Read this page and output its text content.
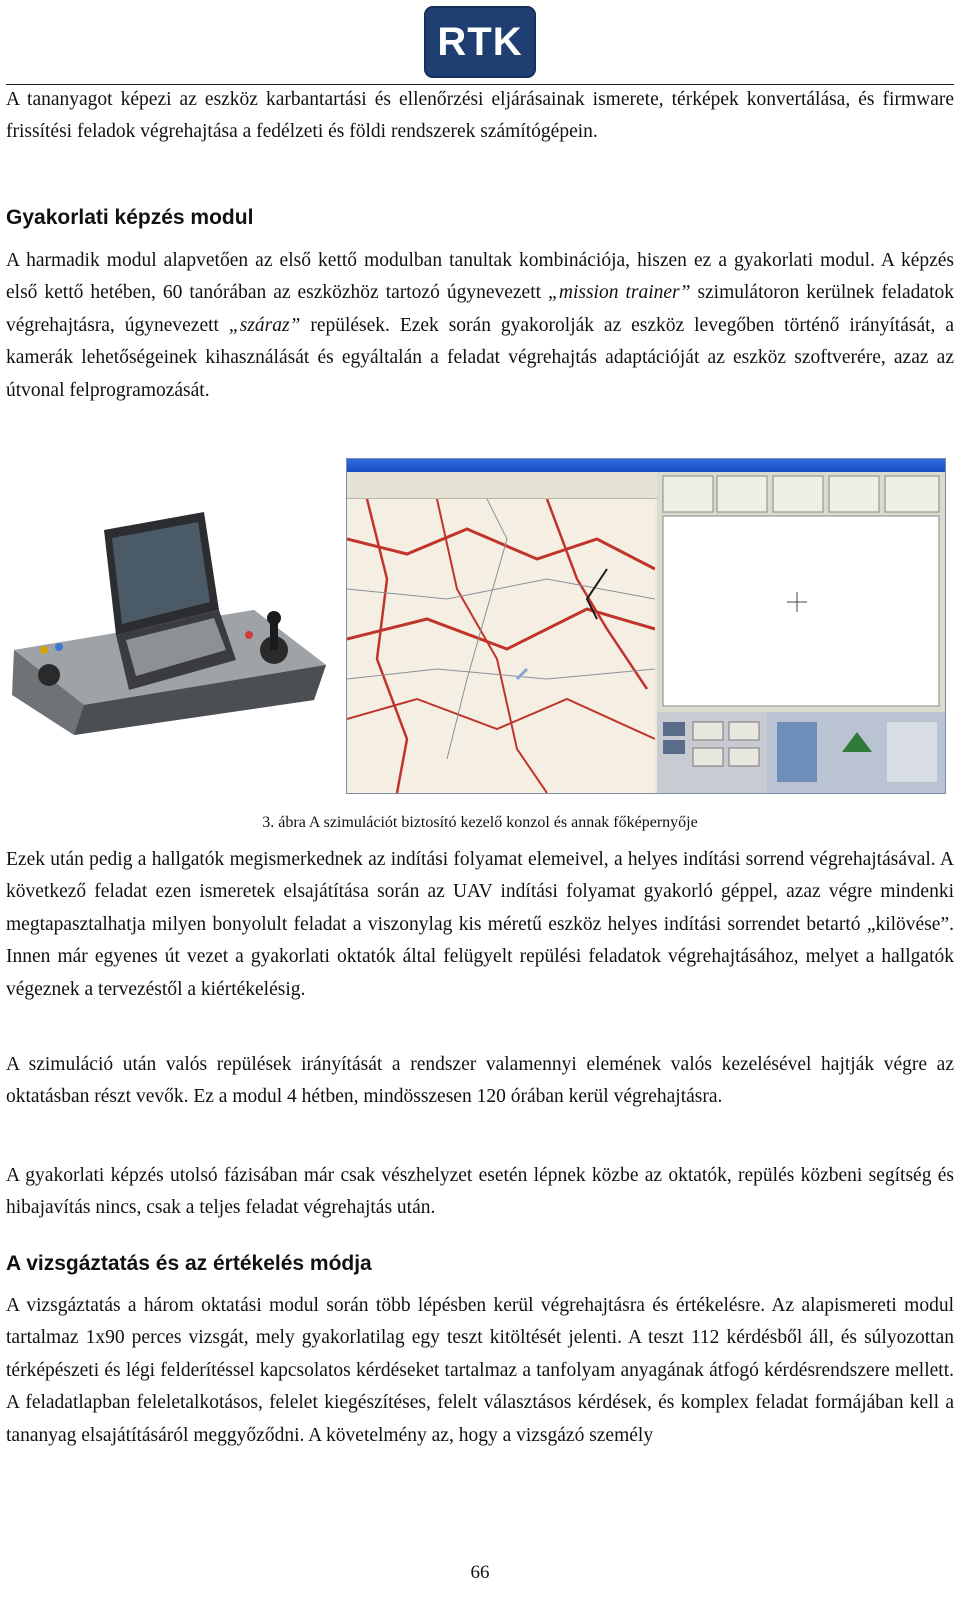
RTK

A tananyagot képezi az eszköz karbantartási és ellenőrzési eljárásainak ismerete, térképek konvertálása, és firmware frissítési feladok végrehajtása a fedélzeti és földi rendszerek számítógépein.

Gyakorlati képzés modul

A harmadik modul alapvetően az első kettő modulban tanultak kombinációja, hiszen ez a gyakorlati modul. A képzés első kettő hetében, 60 tanórában az eszközhöz tartozó úgynevezett „mission trainer” szimulátoron kerülnek feladatok végrehajtásra, úgynevezett „száraz” repülések. Ezek során gyakorolják az eszköz levegőben történő irányítását, a kamerák lehetőségeinek kihasználását és egyáltalán a feladat végrehajtás adaptációját az eszköz szoftverére, azaz az útvonal felprogramozását.

3. ábra A szimulációt biztosító kezelő konzol és annak főképernyője

Ezek után pedig a hallgatók megismerkednek az indítási folyamat elemeivel, a helyes indítási sorrend végrehajtásával. A következő feladat ezen ismeretek elsajátítása során az UAV indítási folyamat gyakorló géppel, azaz végre mindenki megtapasztalhatja milyen bonyolult feladat a viszonylag kis méretű eszköz helyes indítási sorrendet betartó „kilövése”. Innen már egyenes út vezet a gyakorlati oktatók által felügyelt repülési feladatok végrehajtásához, melyet a hallgatók végeznek a tervezéstől a kiértékelésig.

A szimuláció után valós repülések irányítását a rendszer valamennyi elemének valós kezelésével hajtják végre az oktatásban részt vevők. Ez a modul 4 hétben, mindösszesen 120 órában kerül végrehajtásra.

A gyakorlati képzés utolsó fázisában már csak vészhelyzet esetén lépnek közbe az oktatók, repülés közbeni segítség és hibajavítás nincs, csak a teljes feladat végrehajtás után.

A vizsgáztatás és az értékelés módja

A vizsgáztatás a három oktatási modul során több lépésben kerül végrehajtásra és értékelésre. Az alapismereti modul tartalmaz 1x90 perces vizsgát, mely gyakorlatilag egy teszt kitöltését jelenti. A teszt 112 kérdésből áll, és súlyozottan térképészeti és légi felderítéssel kapcsolatos kérdéseket tartalmaz a tanfolyam anyagának átfogó kérdésrendszere mellett. A feladatlapban feleletalkotásos, felelet kiegészítéses, felelt választásos kérdések, és komplex feladat formájában kell a tananyag elsajátításáról meggyőződni. A követelmény az, hogy a vizsgázó személy

66
